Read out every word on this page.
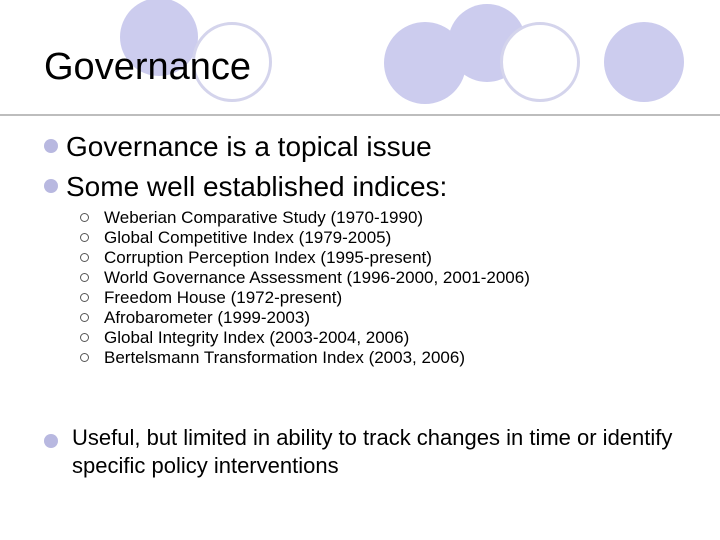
Governance
Governance is a topical issue
Some well established indices:
Weberian Comparative Study (1970-1990)
Global Competitive Index (1979-2005)
Corruption Perception Index (1995-present)
World Governance Assessment (1996-2000, 2001-2006)
Freedom House (1972-present)
Afrobarometer (1999-2003)
Global Integrity Index (2003-2004, 2006)
Bertelsmann Transformation Index (2003, 2006)
Useful, but limited in ability to track changes in time or identify specific policy interventions
